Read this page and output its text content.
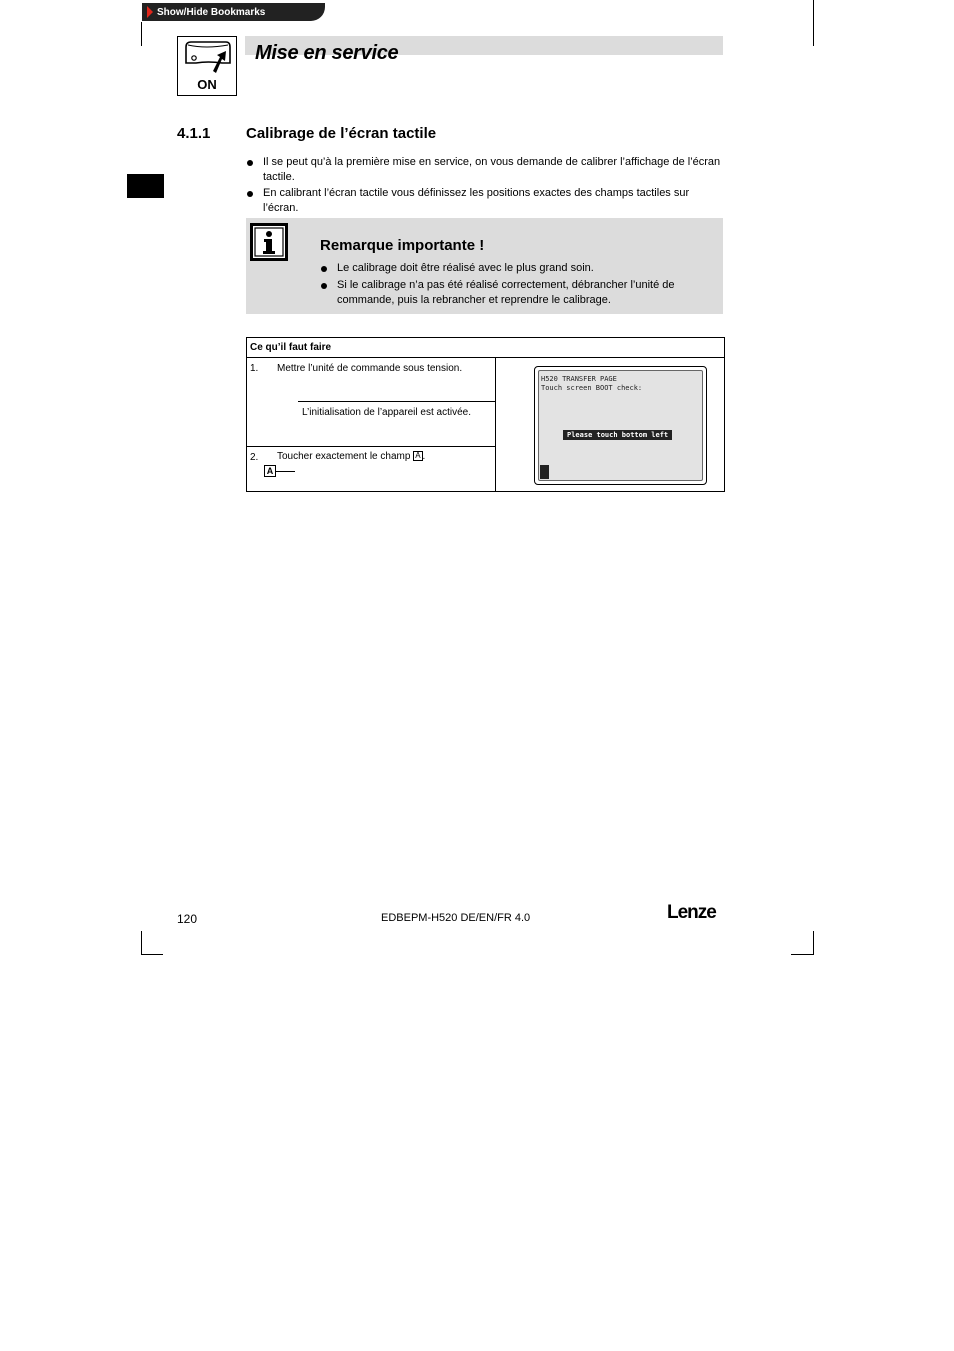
Show/Hide Bookmarks
ON
Mise en service
4.1.1 Calibrage de l’écran tactile
Il se peut qu’à la première mise en service, on vous demande de calibrer l’affichage de l’écran tactile.
En calibrant l’écran tactile vous définissez les positions exactes des champs tactiles sur l’écran.
Remarque importante !
Le calibrage doit être réalisé avec le plus grand soin.
Si le calibrage n’a pas été réalisé correctement, débrancher l’unité de commande, puis la rebrancher et reprendre le calibrage.
Ce qu’il faut faire
1. Mettre l’unité de commande sous tension.
L’initialisation de l’appareil est activée.
2. Toucher exactement le champ A .
H520 TRANSFER PAGE
Touch screen BOOT check:
Please touch bottom left
A
120	EDBEPM-H520 DE/EN/FR 4.0	Lenze
